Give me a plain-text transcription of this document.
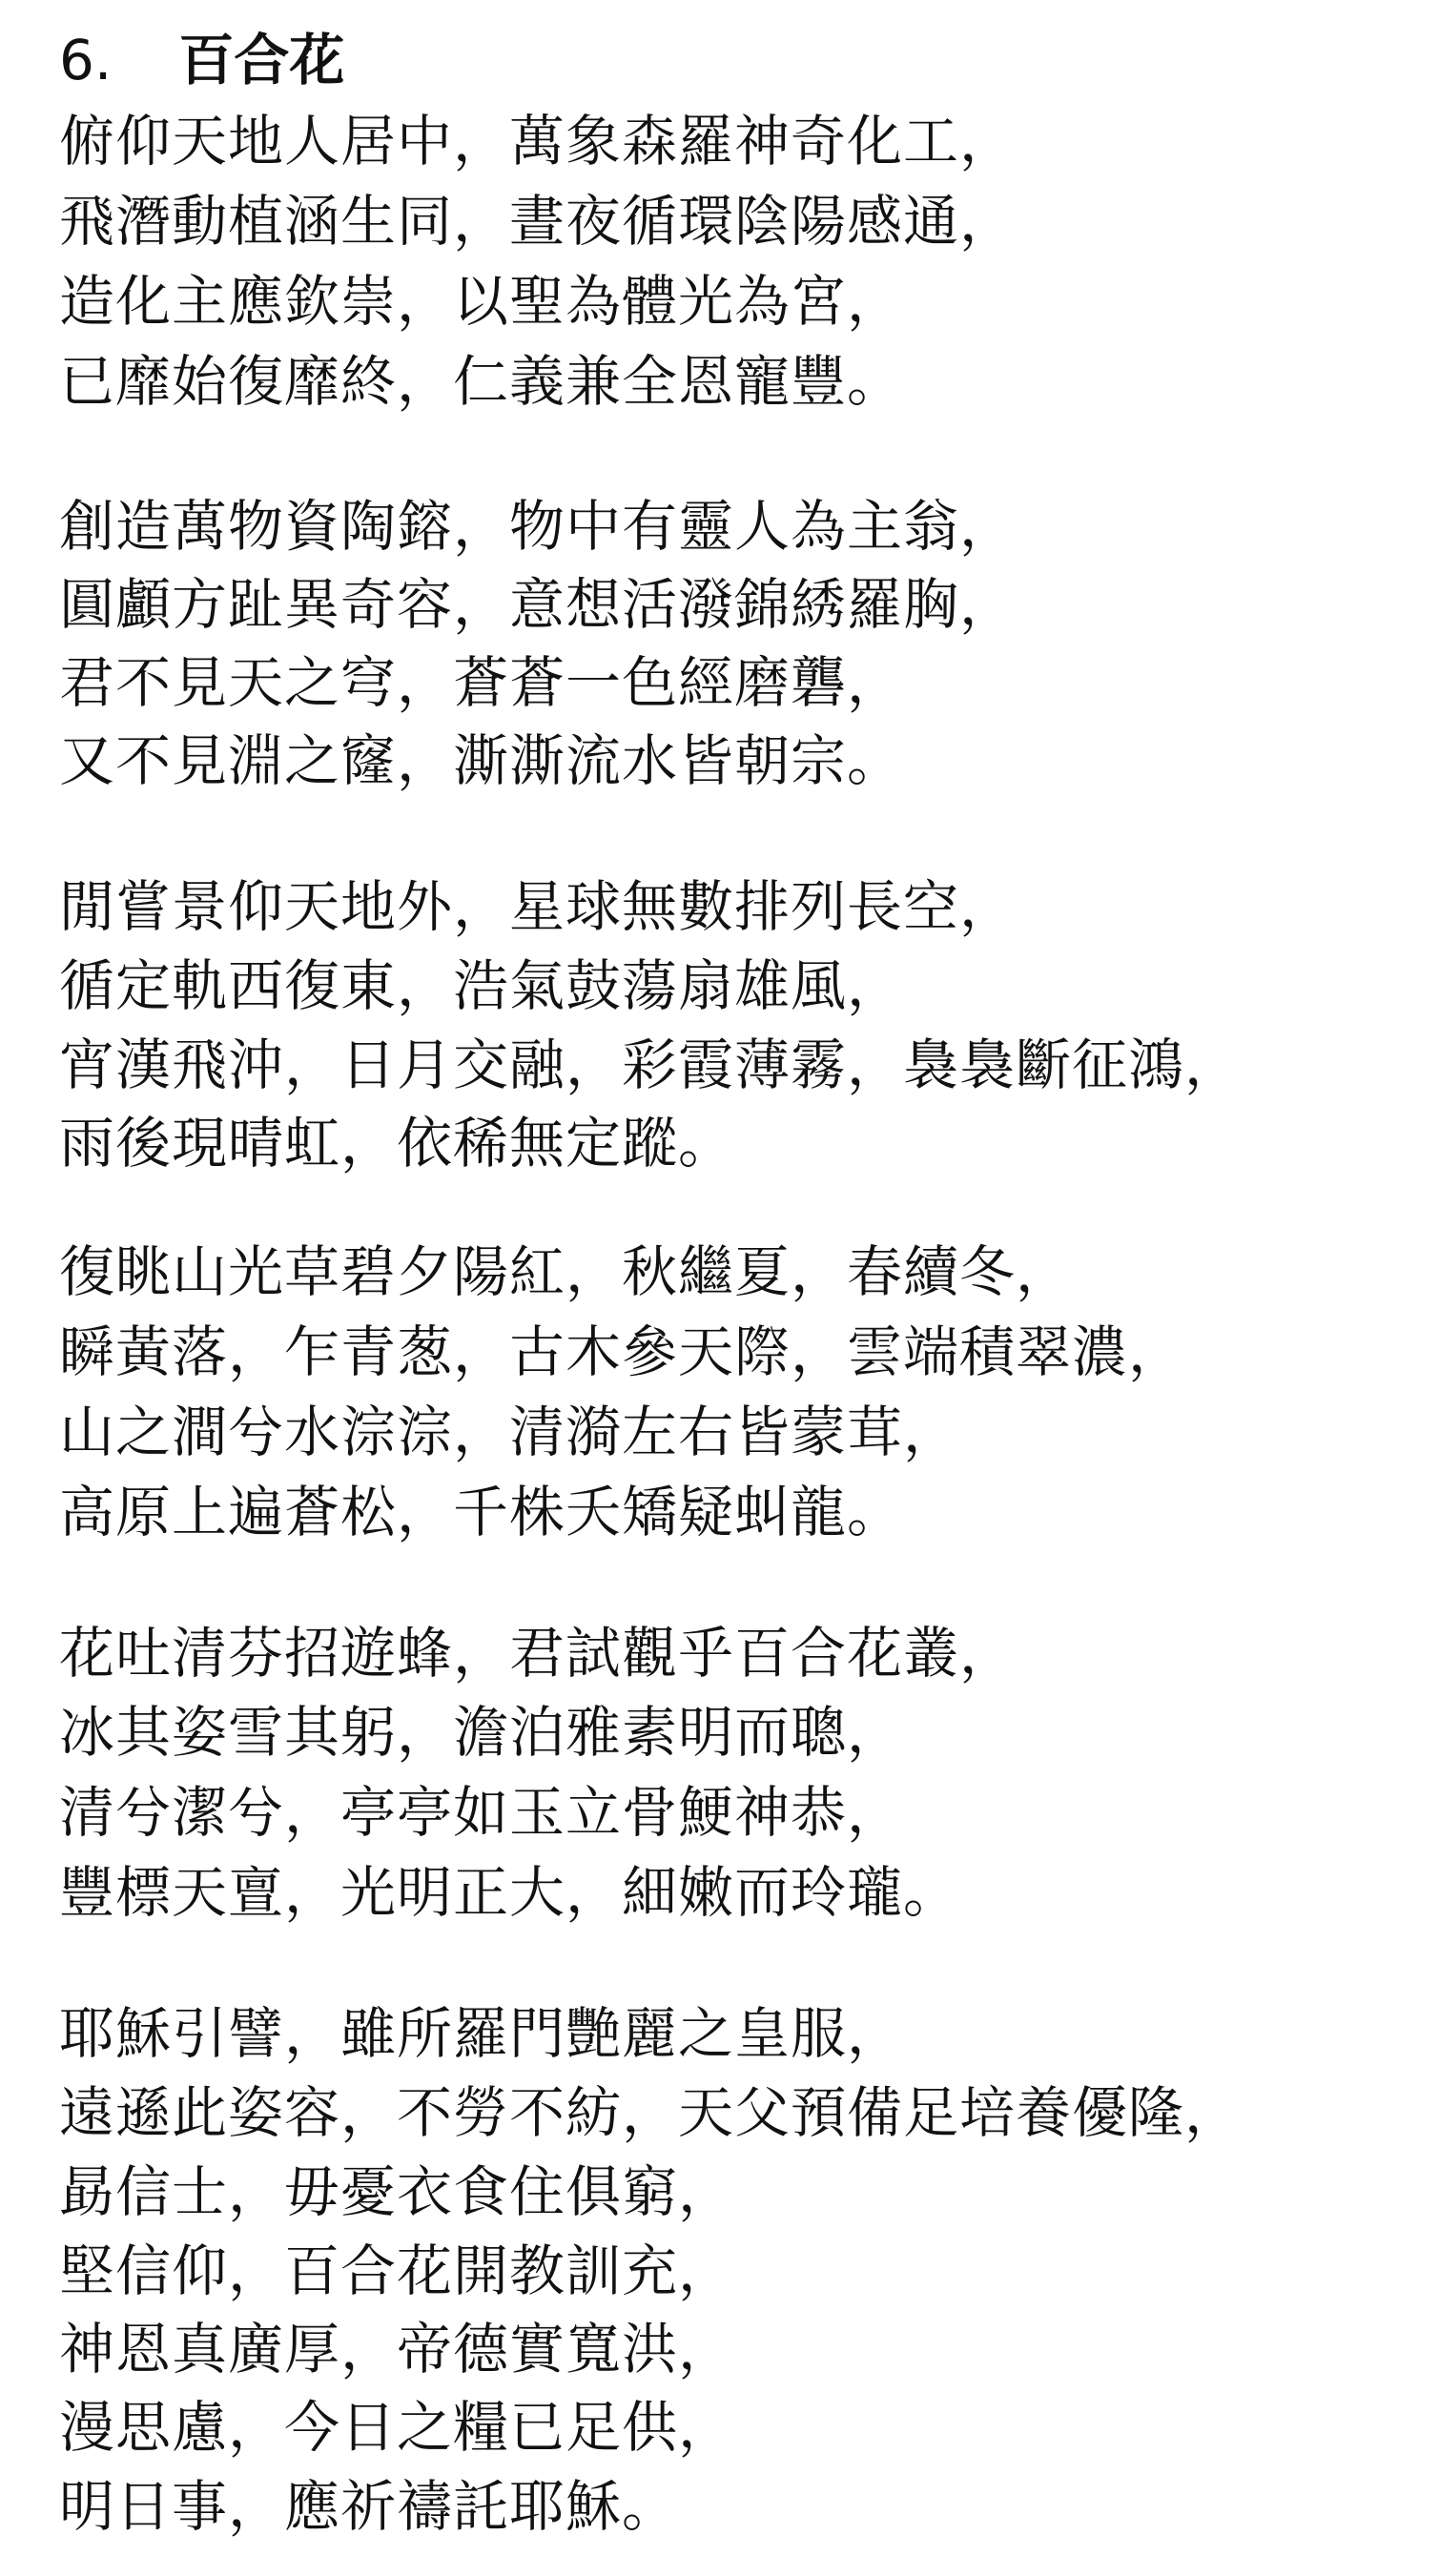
6. 百合花
俯仰天地人居中，萬象森羅神奇化工，
飛潛動植涵生同，晝夜循環陰陽感通，
造化主應欽崇，以聖為體光為宮，
已靡始復靡終，仁義兼全恩寵豐。
創造萬物資陶鎔，物中有靈人為主翁，
圓顱方趾異奇容，意想活潑錦綉羅胸，
君不見天之穹，蒼蒼一色經磨礱，
又不見淵之窿，澌澌流水皆朝宗。
閒嘗景仰天地外，星球無數排列長空，
循定軌西復東，浩氣鼓蕩扇雄風，
宵漢飛沖，日月交融，彩霞薄霧，裊裊斷征鴻，
雨後現晴虹，依稀無定蹤。
復眺山光草碧夕陽紅，秋繼夏，春續冬，
瞬黃落，乍青葱，古木參天際，雲端積翠濃，
山之澗兮水淙淙，清漪左右皆蒙茸，
高原上遍蒼松，千株夭矯疑虯龍。
花吐清芬招遊蜂，君試觀乎百合花叢，
冰其姿雪其躬，澹泊雅素明而聰，
清兮潔兮，亭亭如玉立骨鯁神恭，
豐標天亶，光明正大，細嫩而玲瓏。
耶穌引譬，雖所羅門艷麗之皇服，
遠遜此姿容，不勞不紡，天父預備足培養優隆，
勗信士，毋憂衣食住俱窮，
堅信仰，百合花開教訓充，
神恩真廣厚，帝德實寬洪，
漫思慮，今日之糧已足供，
明日事，應祈禱託耶穌。
